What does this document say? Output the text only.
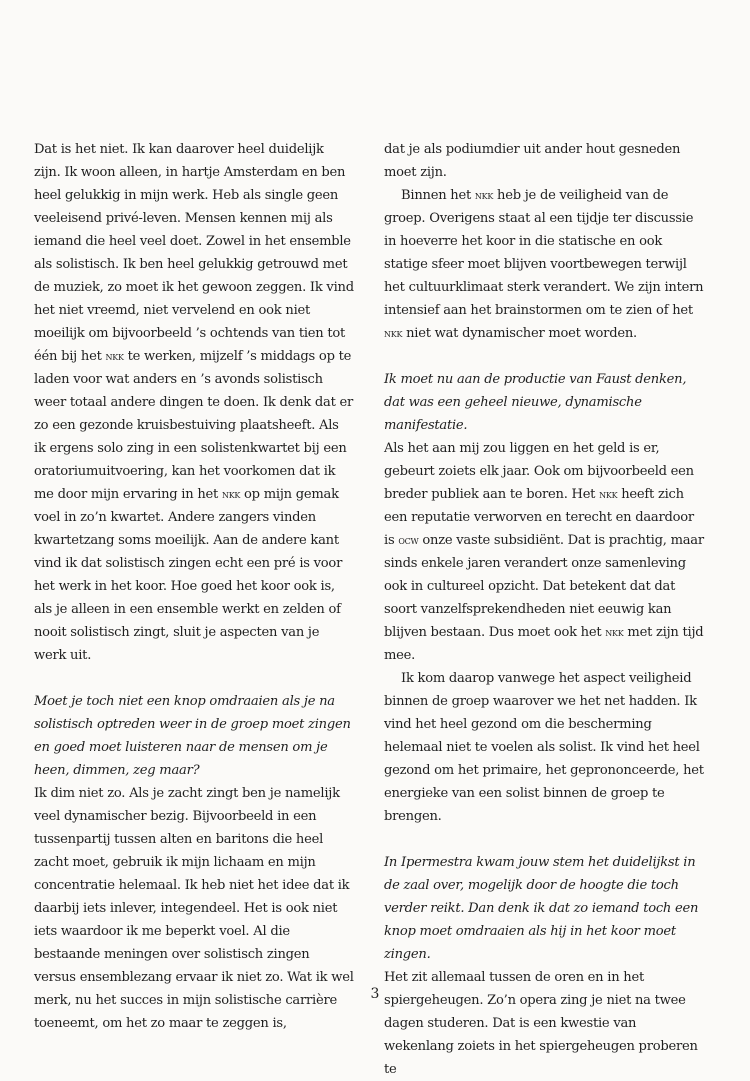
Dat is het niet. Ik kan daarover heel duidelijk zijn. Ik woon alleen, in hartje Amsterdam en ben heel gelukkig in mijn werk. Heb als single geen veeleisend privé-leven. Mensen kennen mij als iemand die heel veel doet. Zowel in het ensemble als solistisch. Ik ben heel gelukkig getrouwd met de muziek, zo moet ik het gewoon zeggen. Ik vind het niet vreemd, niet vervelend en ook niet moeilijk om bijvoorbeeld ’s ochtends van tien tot één bij het nkk te werken, mijzelf ’s middags op te laden voor wat anders en ’s avonds solistisch weer totaal andere dingen te doen. Ik denk dat er zo een gezonde kruisbestuiving plaatsheeft. Als ik ergens solo zing in een solistenkwartet bij een oratoriumuitvoering, kan het voorkomen dat ik me door mijn ervaring in het nkk op mijn gemak voel in zo’n kwartet. Andere zangers vinden kwartetzang soms moeilijk. Aan de andere kant vind ik dat solistisch zingen echt een pré is voor het werk in het koor. Hoe goed het koor ook is, als je alleen in een ensemble werkt en zelden of nooit solistisch zingt, sluit je aspecten van je werk uit.

Moet je toch niet een knop omdraaien als je na solistisch optreden weer in de groep moet zingen en goed moet luisteren naar de mensen om je heen, dimmen, zeg maar?

Ik dim niet zo. Als je zacht zingt ben je namelijk veel dynamischer bezig. Bijvoorbeeld in een tussenpartij tussen alten en baritons die heel zacht moet, gebruik ik mijn lichaam en mijn concentratie helemaal. Ik heb niet het idee dat ik daarbij iets inlever, integendeel. Het is ook niet iets waardoor ik me beperkt voel. Al die bestaande meningen over solistisch zingen versus ensemblezang ervaar ik niet zo. Wat ik wel merk, nu het succes in mijn solistische carrière toeneemt, om het zo maar te zeggen is,

dat je als podiumdier uit ander hout gesneden moet zijn.

Binnen het nkk heb je de veiligheid van de groep. Overigens staat al een tijdje ter discussie in hoeverre het koor in die statische en ook statige sfeer moet blijven voortbewegen terwijl het cultuurklimaat sterk verandert. We zijn intern intensief aan het brainstormen om te zien of het nkk niet wat dynamischer moet worden.

Ik moet nu aan de productie van Faust denken, dat was een geheel nieuwe, dynamische manifestatie.

Als het aan mij zou liggen en het geld is er, gebeurt zoiets elk jaar. Ook om bijvoorbeeld een breder publiek aan te boren. Het nkk heeft zich een reputatie verworven en terecht en daardoor is ocw onze vaste subsidiënt. Dat is prachtig, maar sinds enkele jaren verandert onze samenleving ook in cultureel opzicht. Dat betekent dat dat soort vanzelfsprekendheden niet eeuwig kan blijven bestaan. Dus moet ook het nkk met zijn tijd mee.

Ik kom daarop vanwege het aspect veiligheid binnen de groep waarover we het net hadden. Ik vind het heel gezond om die bescherming helemaal niet te voelen als solist. Ik vind het heel gezond om het primaire, het geprononceerde, het energieke van een solist binnen de groep te brengen.

In Ipermestra kwam jouw stem het duidelijkst in de zaal over, mogelijk door de hoogte die toch verder reikt. Dan denk ik dat zo iemand toch een knop moet omdraaien als hij in het koor moet zingen.

Het zit allemaal tussen de oren en in het spiergeheugen. Zo’n opera zing je niet na twee dagen studeren. Dat is een kwestie van wekenlang zoiets in het spiergeheugen proberen te

3
